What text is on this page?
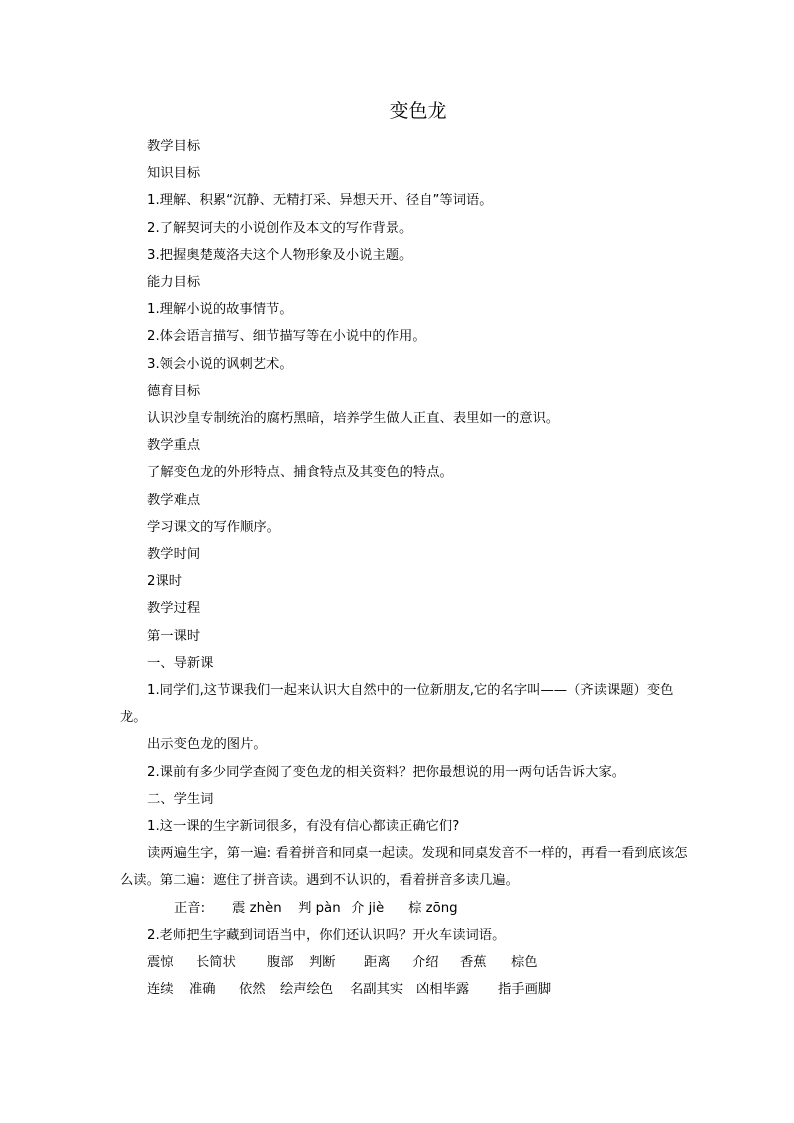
变色龙

教学目标

知识目标

1.理解、积累“沉静、无精打采、异想天开、径自”等词语。

2.了解契诃夫的小说创作及本文的写作背景。

3.把握奥楚蔑洛夫这个人物形象及小说主题。

能力目标

1.理解小说的故事情节。

2.体会语言描写、细节描写等在小说中的作用。

3.领会小说的讽刺艺术。

德育目标

认识沙皇专制统治的腐朽黑暗，培养学生做人正直、表里如一的意识。

教学重点

了解变色龙的外形特点、捕食特点及其变色的特点。

教学难点

学习课文的写作顺序。

教学时间

2课时

教学过程

第一课时

一、导新课

1.同学们,这节课我们一起来认识大自然中的一位新朋友,它的名字叫——（齐读课题）变色龙。

出示变色龙的图片。

2.课前有多少同学查阅了变色龙的相关资料？把你最想说的用一两句话告诉大家。

二、学生词

1.这一课的生字新词很多，有没有信心都读正确它们?

读两遍生字，第一遍: 看着拼音和同桌一起读。发现和同桌发音不一样的，再看一看到底该怎么读。第二遍：遮住了拼音读。遇到不认识的，看着拼音多读几遍。

正音:震 zhèn 判 pàn 介 jiè 棕 zōng

2.老师把生字藏到词语当中，你们还认识吗？开火车读词语。

震惊 长简状 腹部 判断 距离 介绍 香蕉 棕色

连续 准确 依然 绘声绘色 名副其实 凶相毕露 指手画脚
